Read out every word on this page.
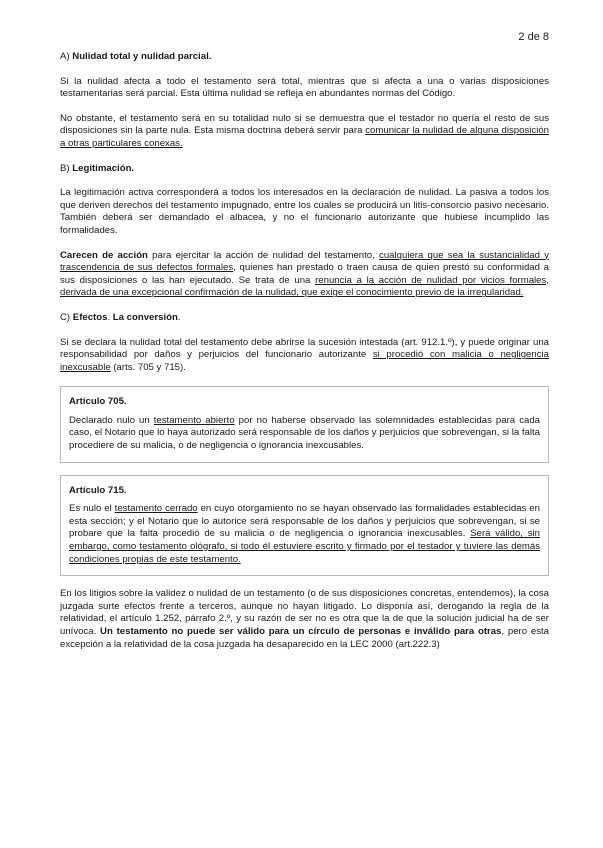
2 de 8

A) Nulidad total y nulidad parcial.

Si la nulidad afecta a todo el testamento será total, mientras que si afecta a una o varias disposiciones testamentarias será parcial. Esta última nulidad se refleja en abundantes normas del Código.

No obstante, el testamento será en su totalidad nulo si se demuestra que el testador no quería el resto de sus disposiciones sin la parte nula. Esta misma doctrina deberá servir para comunicar la nulidad de alguna disposición a otras particulares conexas.

B) Legitimación.

La legitimación activa corresponderá a todos los interesados en la declaración de nulidad. La pasiva a todos los que deriven derechos del testamento impugnado, entre los cuales se producirá un litis-consorcio pasivo necesario. También deberá ser demandado el albacea, y no el funcionario autorizante que hubiese incumplido las formalidades.

Carecen de acción para ejercitar la acción de nulidad del testamento, cualquiera que sea la sustancialidad y trascendencia de sus defectos formales, quienes han prestado o traen causa de quien prestó su conformidad a sus disposiciones o las han ejecutado. Se trata de una renuncia a la acción de nulidad por vicios formales, derivada de una excepcional confirmación de la nulidad, que exige el conocimiento previo de la irregularidad.

C) Efectos. La conversión.

Si se declara la nulidad total del testamento debe abrirse la sucesión intestada (art. 912.1.º), y puede originar una responsabilidad por daños y perjuicios del funcionario autorizante si procedió con malicia o negligencia inexcusable (arts. 705 y 715).

Artículo 705.

Declarado nulo un testamento abierto por no haberse observado las solemnidades establecidas para cada caso, el Notario que lo haya autorizado será responsable de los daños y perjuicios que sobrevengan, si la falta procediere de su malicia, o de negligencia o ignorancia inexcusables.

Artículo 715.

Es nulo el testamento cerrado en cuyo otorgamiento no se hayan observado las formalidades establecidas en esta sección; y el Notario que lo autorice será responsable de los daños y perjuicios que sobrevengan, si se probare que la falta procedió de su malicia o de negligencia o ignorancia inexcusables. Será válido, sin embargo, como testamento ológrafo, si todo él estuviere escrito y firmado por el testador y tuviere las demás condiciones propias de este testamento.

En los litigios sobre la validez o nulidad de un testamento (o de sus disposiciones concretas, entendemos), la cosa juzgada surte efectos frente a terceros, aunque no hayan litigado. Lo disponía así, derogando la regla de la relatividad, el artículo 1.252, párrafo 2.º, y su razón de ser no es otra que la de que la solución judicial ha de ser unívoca. Un testamento no puede ser válido para un círculo de personas e inválido para otras, pero esta excepción a la relatividad de la cosa juzgada ha desaparecido en la LEC 2000 (art.222.3)
